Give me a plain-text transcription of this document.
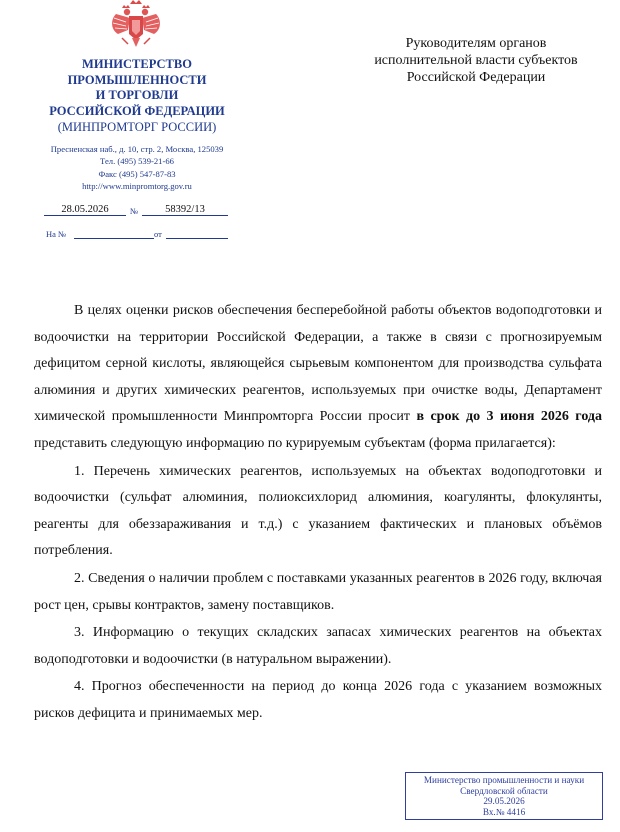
МИНИСТЕРСТВО
ПРОМЫШЛЕННОСТИ
И ТОРГОВЛИ
РОССИЙСКОЙ ФЕДЕРАЦИИ
(МИНПРОМТОРГ РОССИИ)
Пресненская наб., д. 10, стр. 2, Москва, 125039
Тел. (495) 539-21-66
Факс (495) 547-87-83
http://www.minpromtorg.gov.ru
28.05.2026	№	58392/13
На №	от
Руководителям органов
исполнительной власти субъектов
Российской Федерации

В целях оценки рисков обеспечения бесперебойной работы объектов водоподготовки и водоочистки на территории Российской Федерации, а также в связи с прогнозируемым дефицитом серной кислоты, являющейся сырьевым компонентом для производства сульфата алюминия и других химических реагентов, используемых при очистке воды, Департамент химической промышленности Минпромторга России просит в срок до 3 июня 2026 года представить следующую информацию по курируемым субъектам (форма прилагается):

1. Перечень химических реагентов, используемых на объектах водоподготовки и водоочистки (сульфат алюминия, полиоксихлорид алюминия, коагулянты, флокулянты, реагенты для обеззараживания и т.д.) с указанием фактических и плановых объёмов потребления.

2. Сведения о наличии проблем с поставками указанных реагентов в 2026 году, включая рост цен, срывы контрактов, замену поставщиков.

3. Информацию о текущих складских запасах химических реагентов на объектах водоподготовки и водоочистки (в натуральном выражении).

4. Прогноз обеспеченности на период до конца 2026 года с указанием возможных рисков дефицита и принимаемых мер.

Министерство промышленности и науки
Свердловской области
29.05.2026
Вх.№ 4416
